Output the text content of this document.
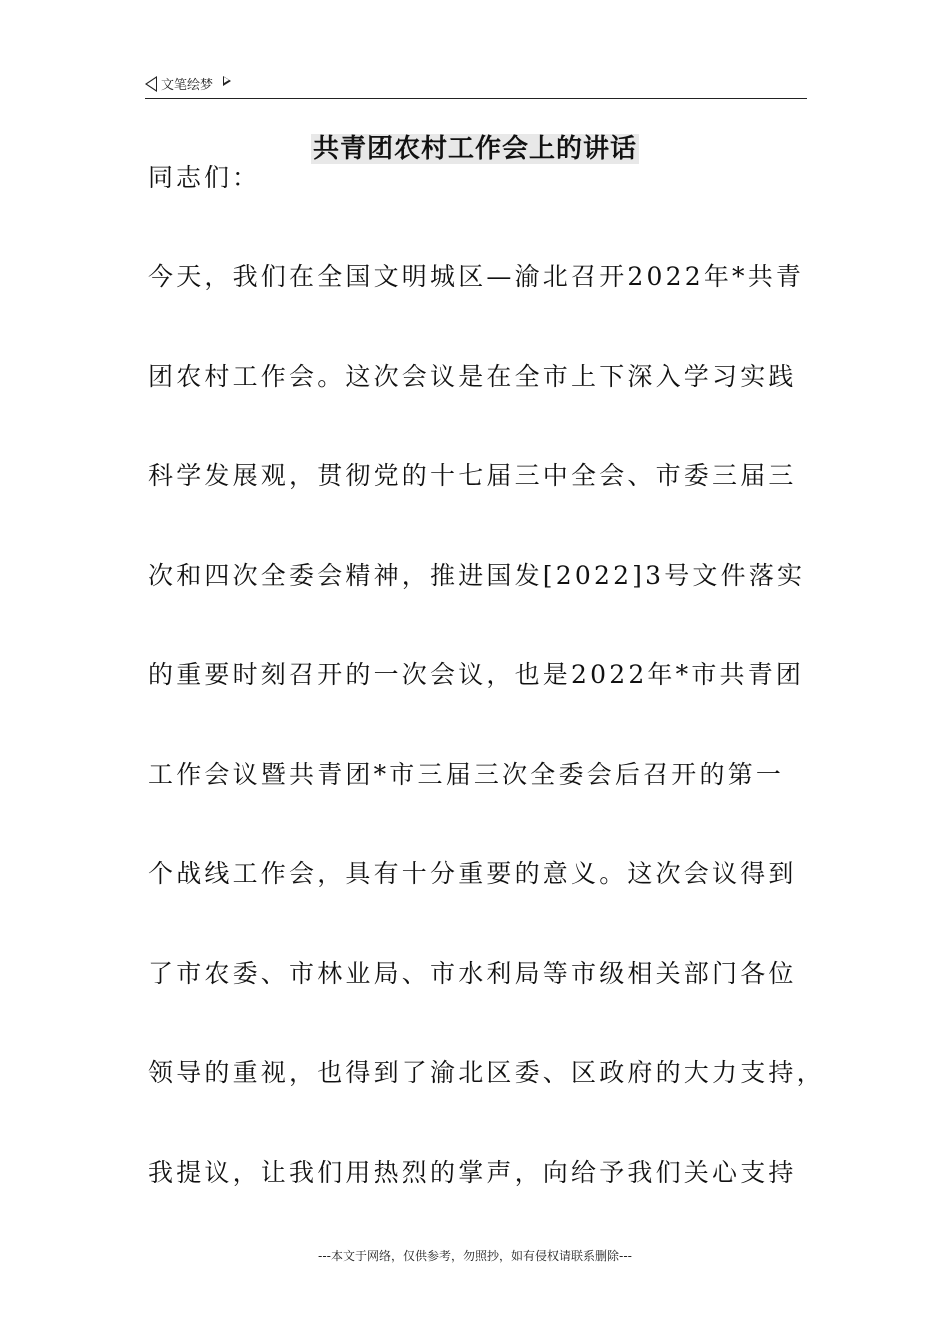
文笔绘梦
共青团农村工作会上的讲话
同志们：
今天，我们在全国文明城区—渝北召开2022年*共青
团农村工作会。这次会议是在全市上下深入学习实践
科学发展观，贯彻党的十七届三中全会、市委三届三
次和四次全委会精神，推进国发[2022]3号文件落实
的重要时刻召开的一次会议，也是2022年*市共青团
工作会议暨共青团*市三届三次全委会后召开的第一
个战线工作会，具有十分重要的意义。这次会议得到
了市农委、市林业局、市水利局等市级相关部门各位
领导的重视，也得到了渝北区委、区政府的大力支持，
我提议，让我们用热烈的掌声，向给予我们关心支持
---本文于网络，仅供参考，勿照抄，如有侵权请联系删除---
